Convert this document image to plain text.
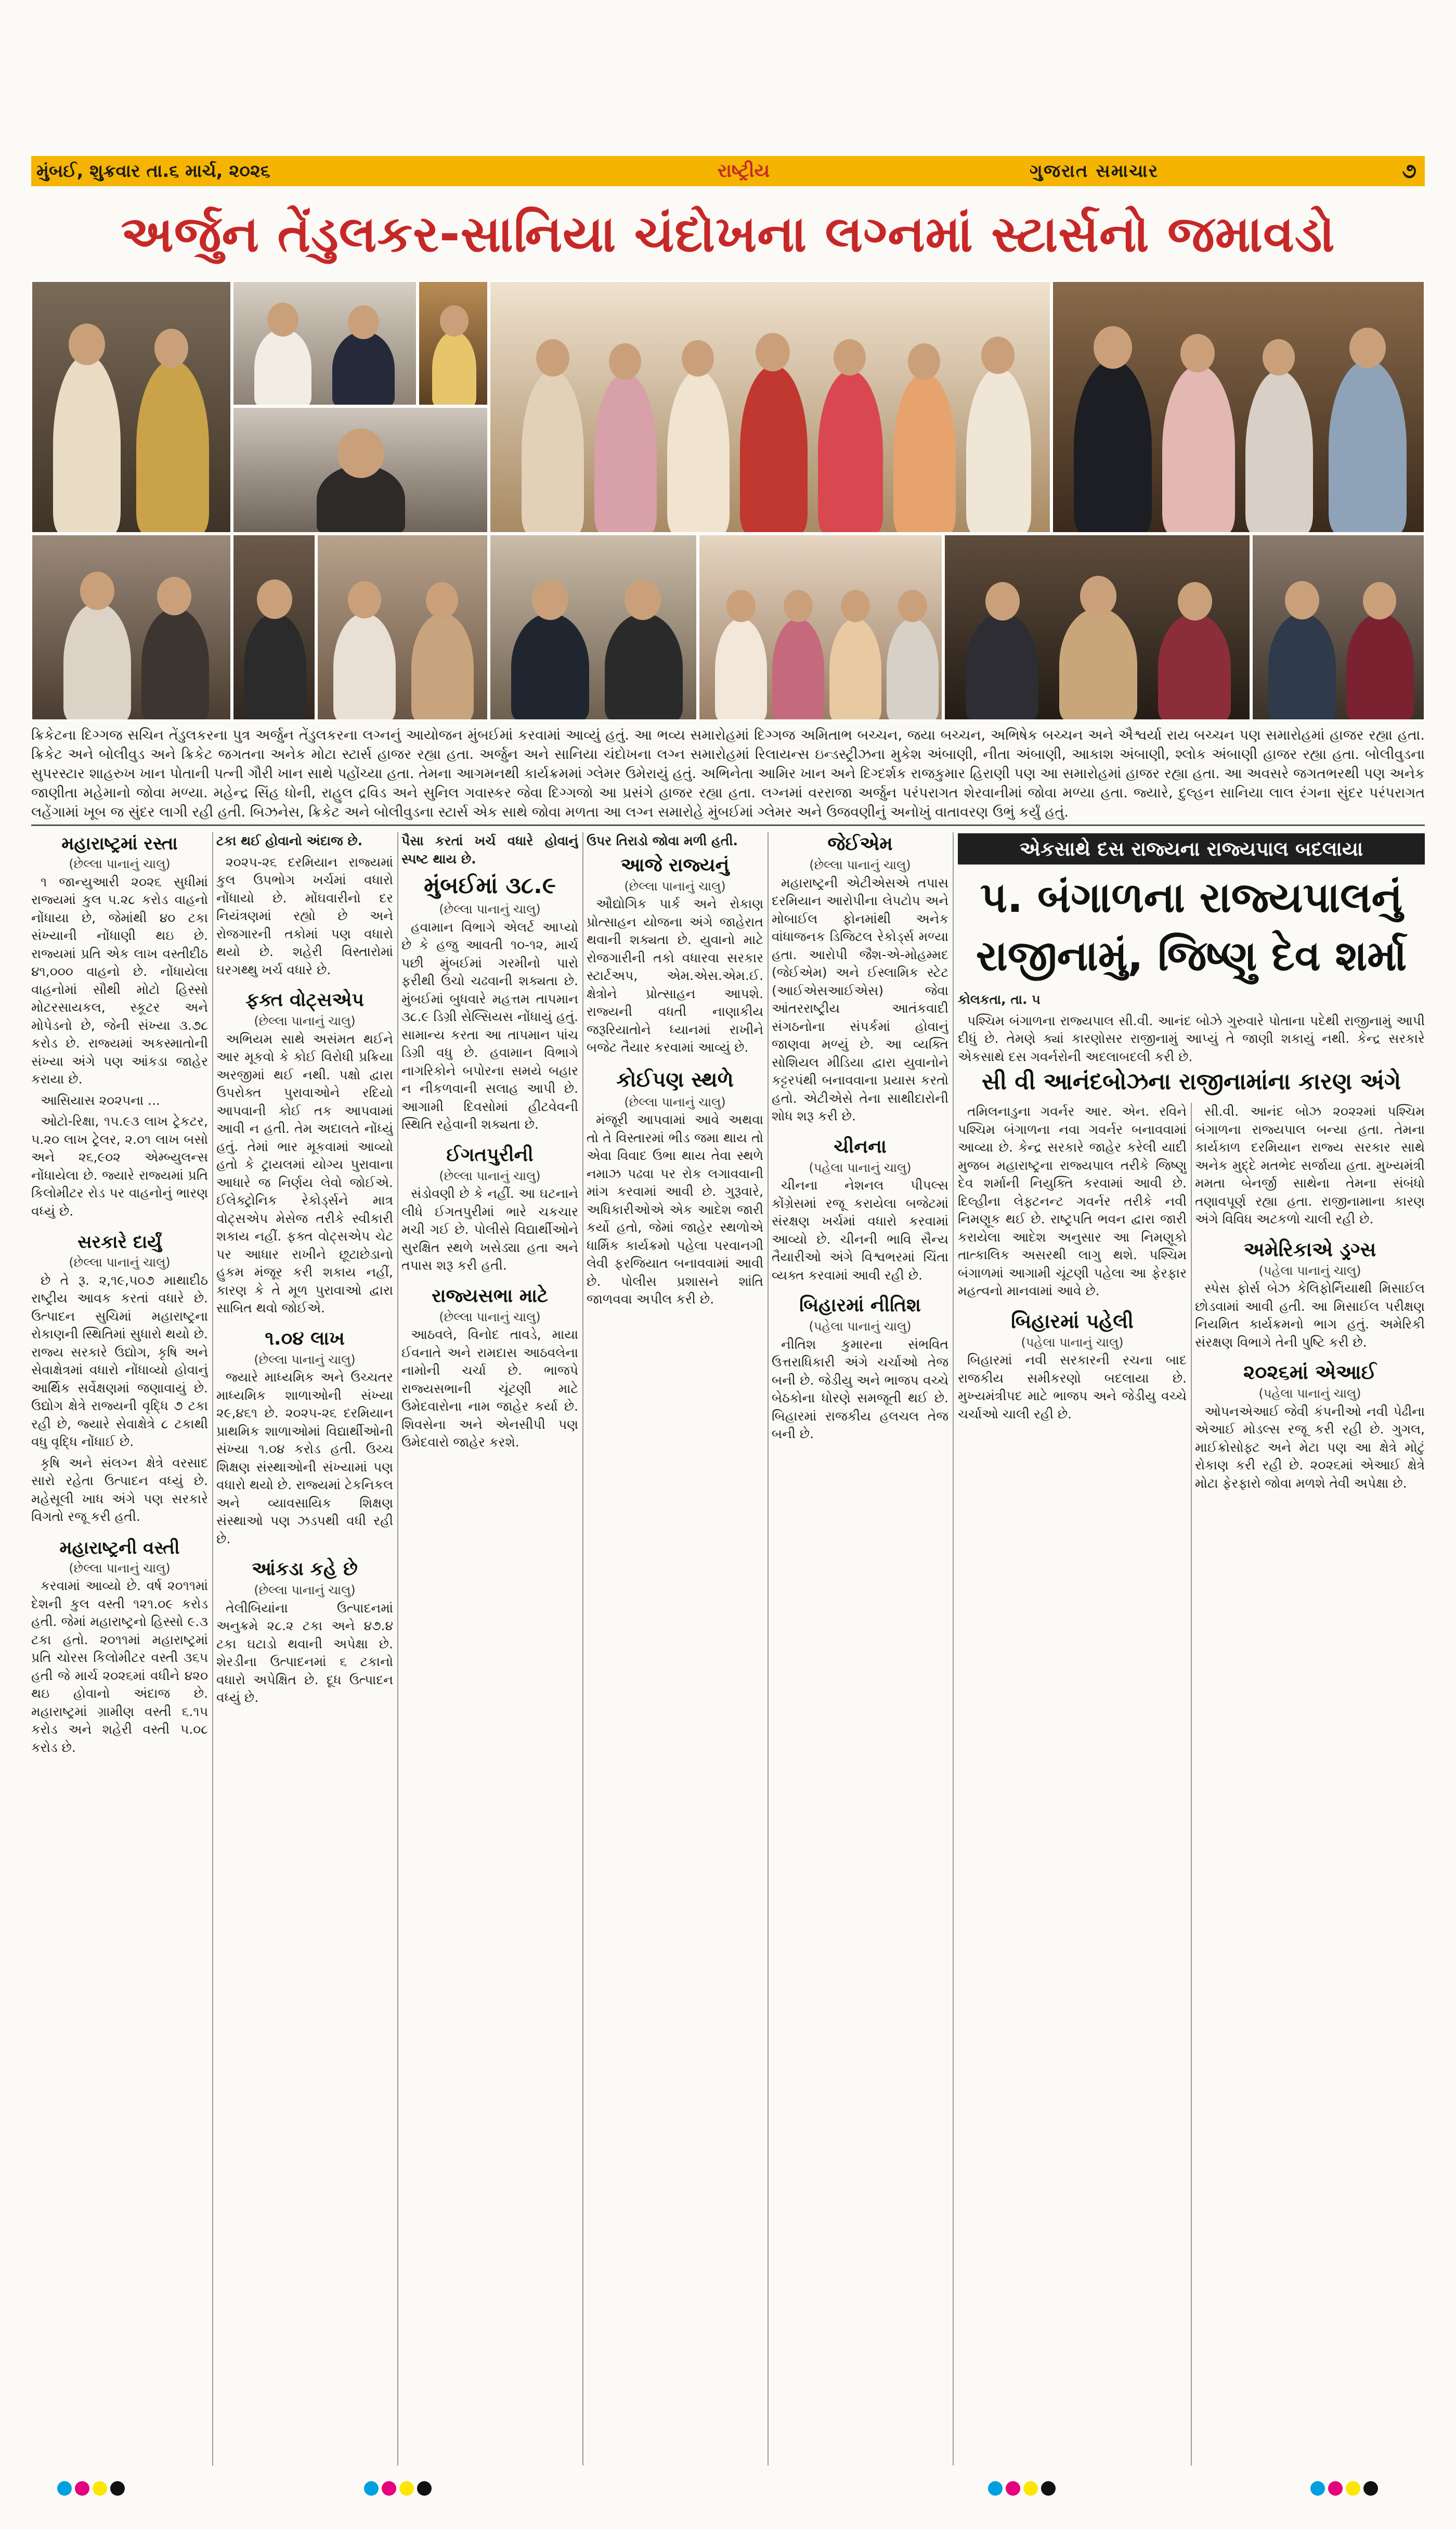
મુંબઈ, શુક્રવાર તા.૬ માર્ચ, ૨૦૨૬	રાષ્ટ્રીય	ગુજરાત સમાચાર	૭
અર્જુન તેંડુલકર-સાનિયા ચંદોખના લગ્નમાં સ્ટાર્સનો જમાવડો
ક્રિકેટના દિગ્ગજ સચિન તેંડુલકરના પુત્ર અર્જુન તેંડુલકરના લગ્નનું આયોજન મુંબઈમાં કરવામાં આવ્યું હતું. આ ભવ્ય સમારોહમાં દિગ્ગજ અમિતાભ બચ્ચન, જયા બચ્ચન, અભિષેક બચ્ચન અને ઐશ્વર્યા રાય બચ્ચન પણ સમારોહમાં હાજર રહ્યા હતા. ક્રિકેટ અને બોલીવુડ અને ક્રિકેટ જગતના અનેક મોટા સ્ટાર્સ હાજર રહ્યા હતા. અર્જુન અને સાનિયા ચંદોખના લગ્ન સમારોહમાં રિલાયન્સ ઇન્ડસ્ટ્રીઝના મુકેશ અંબાણી, નીતા અંબાણી, આકાશ અંબાણી, શ્લોક અંબાણી હાજર રહ્યા હતા. બોલીવુડના સુપરસ્ટાર શાહરુખ ખાન પોતાની પત્ની ગૌરી ખાન સાથે પહોંચ્યા હતા. તેમના આગમનથી કાર્યક્રમમાં ગ્લેમર ઉમેરાયું હતું. અભિનેતા આમિર ખાન અને દિગ્દર્શક રાજકુમાર હિરાણી પણ આ સમારોહમાં હાજર રહ્યા હતા. આ અવસરે જગતભરથી પણ અનેક જાણીતા મહેમાનો જોવા મળ્યા. મહેન્દ્ર સિંહ ધોની, રાહુલ દ્રવિડ અને સુનિલ ગવાસ્કર જેવા દિગ્ગજો આ પ્રસંગે હાજર રહ્યા હતા. લગ્નમાં વરરાજા અર્જુન પરંપરાગત શેરવાનીમાં જોવા મળ્યા હતા. જ્યારે, દુલ્હન સાનિયા લાલ રંગના સુંદર પરંપરાગત લહેંગામાં ખૂબ જ સુંદર લાગી રહી હતી. બિઝનેસ, ક્રિકેટ અને બોલીવુડના સ્ટાર્સ એક સાથે જોવા મળતા આ લગ્ન સમારોહે મુંબઈમાં ગ્લેમર અને ઉજવણીનું અનોખું વાતાવરણ ઉભું કર્યું હતું.
મહારાષ્ટ્રમાં રસ્તા
(છેલ્લા પાનાનું ચાલુ)

૧ જાન્યુઆરી ૨૦૨૬ સુધીમાં રાજ્યમાં કુલ ૫.૨૮ કરોડ વાહનો નોંધાયા છે, જેમાંથી ૪૦ ટકા સંખ્યાની નોંધાણી થઇ છે. રાજ્યમાં પ્રતિ એક લાખ વસ્તીદીઠ ૪૧,૦૦૦ વાહનો છે. નોંધાયેલા વાહનોમાં સૌથી મોટો હિસ્સો મોટરસાયકલ, સ્કૂટર અને મોપેડનો છે, જેની સંખ્યા ૩.૭૮ કરોડ છે. રાજ્યમાં અકસ્માતોની સંખ્યા અંગે પણ આંકડા જાહેર કરાયા છે.

આસિયાસ ૨૦૨૫ના ...

ઓટો-રિક્ષા, ૧૫.૯૩ લાખ ટ્રેકટર, ૫.૨૦ લાખ ટ્રેલર, ૨.૦૧ લાખ બસો અને ૨૬,૯૦૨ એમ્બ્યુલન્સ નોંધાયેલા છે. જ્યારે રાજ્યમાં પ્રતિ કિલોમીટર રોડ પર વાહનોનું ભારણ વધ્યું છે.

સરકારે દાર્યું
(છેલ્લા પાનાનું ચાલુ)

છે તે રૂ. ૨,૧૯,૫૦૭ માથાદીઠ રાષ્ટ્રીય આવક કરતાં વધારે છે. ઉત્પાદન સુચિમાં મહારાષ્ટ્રના રોકાણની સ્થિતિમાં સુધારો થયો છે. રાજ્ય સરકારે ઉદ્યોગ, કૃષિ અને સેવાક્ષેત્રમાં વધારો નોંધાવ્યો હોવાનું આર્થિક સર્વેક્ષણમાં જણાવાયું છે. ઉદ્યોગ ક્ષેત્રે રાજ્યની વૃદ્ધિ ૭ ટકા રહી છે, જ્યારે સેવાક્ષેત્રે ૮ ટકાથી વધુ વૃદ્ધિ નોંધાઈ છે.

કૃષિ અને સંલગ્ન ક્ષેત્રે વરસાદ સારો રહેતા ઉત્પાદન વધ્યું છે. મહેસૂલી ખાધ અંગે પણ સરકારે વિગતો રજૂ કરી હતી.

મહારાષ્ટ્રની વસ્તી
(છેલ્લા પાનાનું ચાલુ)

કરવામાં આવ્યો છે. વર્ષ ૨૦૧૧માં દેશની કુલ વસ્તી ૧૨૧.૦૯ કરોડ હતી. જેમાં મહારાષ્ટ્રનો હિસ્સો ૯.૩ ટકા હતો. ૨૦૧૧માં મહારાષ્ટ્રમાં પ્રતિ ચોરસ કિલોમીટર વસ્તી ૩૬૫ હતી જે માર્ચ ૨૦૨૬માં વધીને ૪૨૦ થઇ હોવાનો અંદાજ છે. મહારાષ્ટ્રમાં ગ્રામીણ વસ્તી ૬.૧૫ કરોડ અને શહેરી વસ્તી ૫.૦૮ કરોડ છે.

ટકા થઈ હોવાનો અંદાજ છે.

૨૦૨૫-૨૬ દરમિયાન રાજ્યમાં કુલ ઉપભોગ ખર્ચમાં વધારો નોંધાયો છે. મોંઘવારીનો દર નિયંત્રણમાં રહ્યો છે અને રોજગારની તકોમાં પણ વધારો થયો છે. શહેરી વિસ્તારોમાં ઘરગથ્થુ ખર્ચ વધારે છે.

ફક્ત વોટ્સએપ
(છેલ્લા પાનાનું ચાલુ)

અભિયમ સાથે અસંમત થઈને આર મૂકવો કે કોઈ વિરોધી પ્રક્રિયા અરજીમાં થઈ નથી. પક્ષો દ્વારા ઉપરોક્ત પુરાવાઓને રદિયો આપવાની કોઈ તક આપવામાં આવી ન હતી. તેમ અદાલતે નોંધ્યું હતું. તેમાં ભાર મૂકવામાં આવ્યો હતો કે ટ્રાયલમાં યોગ્ય પુરાવાના આધારે જ નિર્ણય લેવો જોઈએ. ઈલેક્ટ્રોનિક રેકોર્ડ્સને માત્ર વોટ્સએપ મેસેજ તરીકે સ્વીકારી શકાય નહીં. ફક્ત વોટ્સએપ ચેટ પર આધાર રાખીને છૂટાછેડાનો હુકમ મંજૂર કરી શકાય નહીં, કારણ કે તે મૂળ પુરાવાઓ દ્વારા સાબિત થવો જોઈએ.

૧.૦૪ લાખ
(છેલ્લા પાનાનું ચાલુ)

જ્યારે માધ્યમિક અને ઉચ્ચતર માધ્યમિક શાળાઓની સંખ્યા ૨૯,૪૬૧ છે. ૨૦૨૫-૨૬ દરમિયાન પ્રાથમિક શાળાઓમાં વિદ્યાર્થીઓની સંખ્યા ૧.૦૪ કરોડ હતી. ઉચ્ચ શિક્ષણ સંસ્થાઓની સંખ્યામાં પણ વધારો થયો છે. રાજ્યમાં ટેકનિકલ અને વ્યાવસાયિક શિક્ષણ સંસ્થાઓ પણ ઝડપથી વધી રહી છે.

આંકડા કહે છે
(છેલ્લા પાનાનું ચાલુ)

તેલીબિયાંના ઉત્પાદનમાં અનુક્રમે ૨૮.૨ ટકા અને ૪૭.૪ ટકા ઘટાડો થવાની અપેક્ષા છે. શેરડીના ઉત્પાદનમાં ૬ ટકાનો વધારો અપેક્ષિત છે. દૂધ ઉત્પાદન વધ્યું છે.

પૈસા કરતાં ખર્ચ વધારે હોવાનું સ્પષ્ટ થાય છે.

મુંબઈમાં ૩૮.૯
(છેલ્લા પાનાનું ચાલુ)

હવામાન વિભાગે એલર્ટ આપ્યો છે કે હજુ આવતી ૧૦-૧૨, માર્ચ પછી મુંબઈમાં ગરમીનો પારો ફરીથી ઉંચો ચઢવાની શક્યતા છે. મુંબઈમાં બુધવારે મહત્તમ તાપમાન ૩૮.૯ ડિગ્રી સેલ્સિયસ નોંધાયું હતું. સામાન્ય કરતા આ તાપમાન પાંચ ડિગ્રી વધુ છે. હવામાન વિભાગે નાગરિકોને બપોરના સમયે બહાર ન નીકળવાની સલાહ આપી છે. આગામી દિવસોમાં હીટવેવની સ્થિતિ રહેવાની શક્યતા છે.

ઈગતપુરીની
(છેલ્લા પાનાનું ચાલુ)

સંડોવણી છે કે નહીં. આ ઘટનાને લીધે ઈગતપુરીમાં ભારે ચકચાર મચી ગઈ છે. પોલીસે વિદ્યાર્થીઓને સુરક્ષિત સ્થળે ખસેડ્યા હતા અને તપાસ શરૂ કરી હતી.

રાજ્યસભા માટે
(છેલ્લા પાનાનું ચાલુ)

આઠવલે, વિનોદ તાવડે, માયા ઈવનાતે અને રામદાસ આઠવલેના નામોની ચર્ચા છે. ભાજપે રાજ્યસભાની ચૂંટણી માટે ઉમેદવારોના નામ જાહેર કર્યા છે. શિવસેના અને એનસીપી પણ ઉમેદવારો જાહેર કરશે.

ઉપર તિરાડો જોવા મળી હતી.

આજે રાજ્યનું
(છેલ્લા પાનાનું ચાલુ)

ઔદ્યોગિક પાર્ક અને રોકાણ પ્રોત્સાહન યોજના અંગે જાહેરાત થવાની શક્યતા છે. યુવાનો માટે રોજગારીની તકો વધારવા સરકાર સ્ટાર્ટઅપ, એમ.એસ.એમ.ઈ. ક્ષેત્રોને પ્રોત્સાહન આપશે. રાજ્યની વધતી નાણાકીય જરૂરિયાતોને ધ્યાનમાં રાખીને બજેટ તૈયાર કરવામાં આવ્યું છે.

કોઈપણ સ્થળે
(છેલ્લા પાનાનું ચાલુ)

મંજૂરી આપવામાં આવે અથવા તો તે વિસ્તારમાં ભીડ જમા થાય તો એવા વિવાદ ઉભા થાય તેવા સ્થળે નમાઝ પઢવા પર રોક લગાવવાની માંગ કરવામાં આવી છે. ગુરૂવારે, અધિકારીઓએ એક આદેશ જારી કર્યો હતો, જેમાં જાહેર સ્થળોએ ધાર્મિક કાર્યક્રમો પહેલા પરવાનગી લેવી ફરજિયાત બનાવવામાં આવી છે. પોલીસ પ્રશાસને શાંતિ જાળવવા અપીલ કરી છે.

જેઈએમ
(છેલ્લા પાનાનું ચાલુ)

મહારાષ્ટ્રની એટીએસએ તપાસ દરમિયાન આરોપીના લેપટોપ અને મોબાઈલ ફોનમાંથી અનેક વાંધાજનક ડિજિટલ રેકોર્ડ્સ મળ્યા હતા. આરોપી જૈશ-એ-મોહમ્મદ (જેઈએમ) અને ઈસ્લામિક સ્ટેટ (આઈએસઆઈએસ) જેવા આંતરરાષ્ટ્રીય આતંકવાદી સંગઠનોના સંપર્કમાં હોવાનું જાણવા મળ્યું છે. આ વ્યક્તિ સોશિયલ મીડિયા દ્વારા યુવાનોને કટ્ટરપંથી બનાવવાના પ્રયાસ કરતો હતો. એટીએસે તેના સાથીદારોની શોધ શરૂ કરી છે.

ચીનના
(પહેલા પાનાનું ચાલુ)

ચીનના નેશનલ પીપલ્સ કોંગ્રેસમાં રજૂ કરાયેલા બજેટમાં સંરક્ષણ ખર્ચમાં વધારો કરવામાં આવ્યો છે. ચીનની ભાવિ સૈન્ય તૈયારીઓ અંગે વિશ્વભરમાં ચિંતા વ્યક્ત કરવામાં આવી રહી છે.

બિહારમાં નીતિશ
(પહેલા પાનાનું ચાલુ)

નીતિશ કુમારના સંભવિત ઉત્તરાધિકારી અંગે ચર્ચાઓ તેજ બની છે. જેડીયુ અને ભાજપ વચ્ચે બેઠકોના ધોરણે સમજૂતી થઈ છે. બિહારમાં રાજકીય હલચલ તેજ બની છે.

એકસાથે દસ રાજ્યના રાજ્યપાલ બદલાયા
પ. બંગાળના રાજ્યપાલનું રાજીનામું, જિષ્ણુ દેવ શર્મા

કોલકતા, તા. ૫

પશ્ચિમ બંગાળના રાજ્યપાલ સી.વી. આનંદ બોઝે ગુરુવારે પોતાના પદેથી રાજીનામું આપી દીધું છે. તેમણે ક્યાં કારણોસર રાજીનામું આપ્યું તે જાણી શકાયું નથી. કેન્દ્ર સરકારે એકસાથે દસ ગવર્નરોની અદલાબદલી કરી છે.

સી વી આનંદબોઝના રાજીનામાંના કારણ અંગે

તમિલનાડુના ગવર્નર આર. એન. રવિને પશ્ચિમ બંગાળના નવા ગવર્નર બનાવવામાં આવ્યા છે. કેન્દ્ર સરકારે જાહેર કરેલી યાદી મુજબ મહારાષ્ટ્રના રાજ્યપાલ તરીકે જિષ્ણુ દેવ શર્માની નિયુક્તિ કરવામાં આવી છે. દિલ્હીના લેફ્ટનન્ટ ગવર્નર તરીકે નવી નિમણૂક થઈ છે. રાષ્ટ્રપતિ ભવન દ્વારા જારી કરાયેલા આદેશ અનુસાર આ નિમણૂકો તાત્કાલિક અસરથી લાગુ થશે. પશ્ચિમ બંગાળમાં આગામી ચૂંટણી પહેલા આ ફેરફાર મહત્વનો માનવામાં આવે છે.

બિહારમાં પહેલી
(પહેલા પાનાનું ચાલુ)

બિહારમાં નવી સરકારની રચના બાદ રાજકીય સમીકરણો બદલાયા છે. મુખ્યમંત્રીપદ માટે ભાજપ અને જેડીયુ વચ્ચે ચર્ચાઓ ચાલી રહી છે.

સી.વી. આનંદ બોઝ ૨૦૨૨માં પશ્ચિમ બંગાળના રાજ્યપાલ બન્યા હતા. તેમના કાર્યકાળ દરમિયાન રાજ્ય સરકાર સાથે અનેક મુદ્દે મતભેદ સર્જાયા હતા. મુખ્યમંત્રી મમતા બેનર્જી સાથેના તેમના સંબંધો તણાવપૂર્ણ રહ્યા હતા. રાજીનામાના કારણ અંગે વિવિધ અટકળો ચાલી રહી છે.

અમેરિકાએ ડ્રગ્સ
(પહેલા પાનાનું ચાલુ)

સ્પેસ ફોર્સ બેઝ કેલિફોર્નિયાથી મિસાઈલ છોડવામાં આવી હતી. આ મિસાઈલ પરીક્ષણ નિયમિત કાર્યક્રમનો ભાગ હતું. અમેરિકી સંરક્ષણ વિભાગે તેની પુષ્ટિ કરી છે.

૨૦૨૬માં એઆઈ
(પહેલા પાનાનું ચાલુ)

ઓપનએઆઈ જેવી કંપનીઓ નવી પેઢીના એઆઈ મોડલ્સ રજૂ કરી રહી છે. ગુગલ, માઈક્રોસોફ્ટ અને મેટા પણ આ ક્ષેત્રે મોટું રોકાણ કરી રહી છે. ૨૦૨૬માં એઆઈ ક્ષેત્રે મોટા ફેરફારો જોવા મળશે તેવી અપેક્ષા છે.
